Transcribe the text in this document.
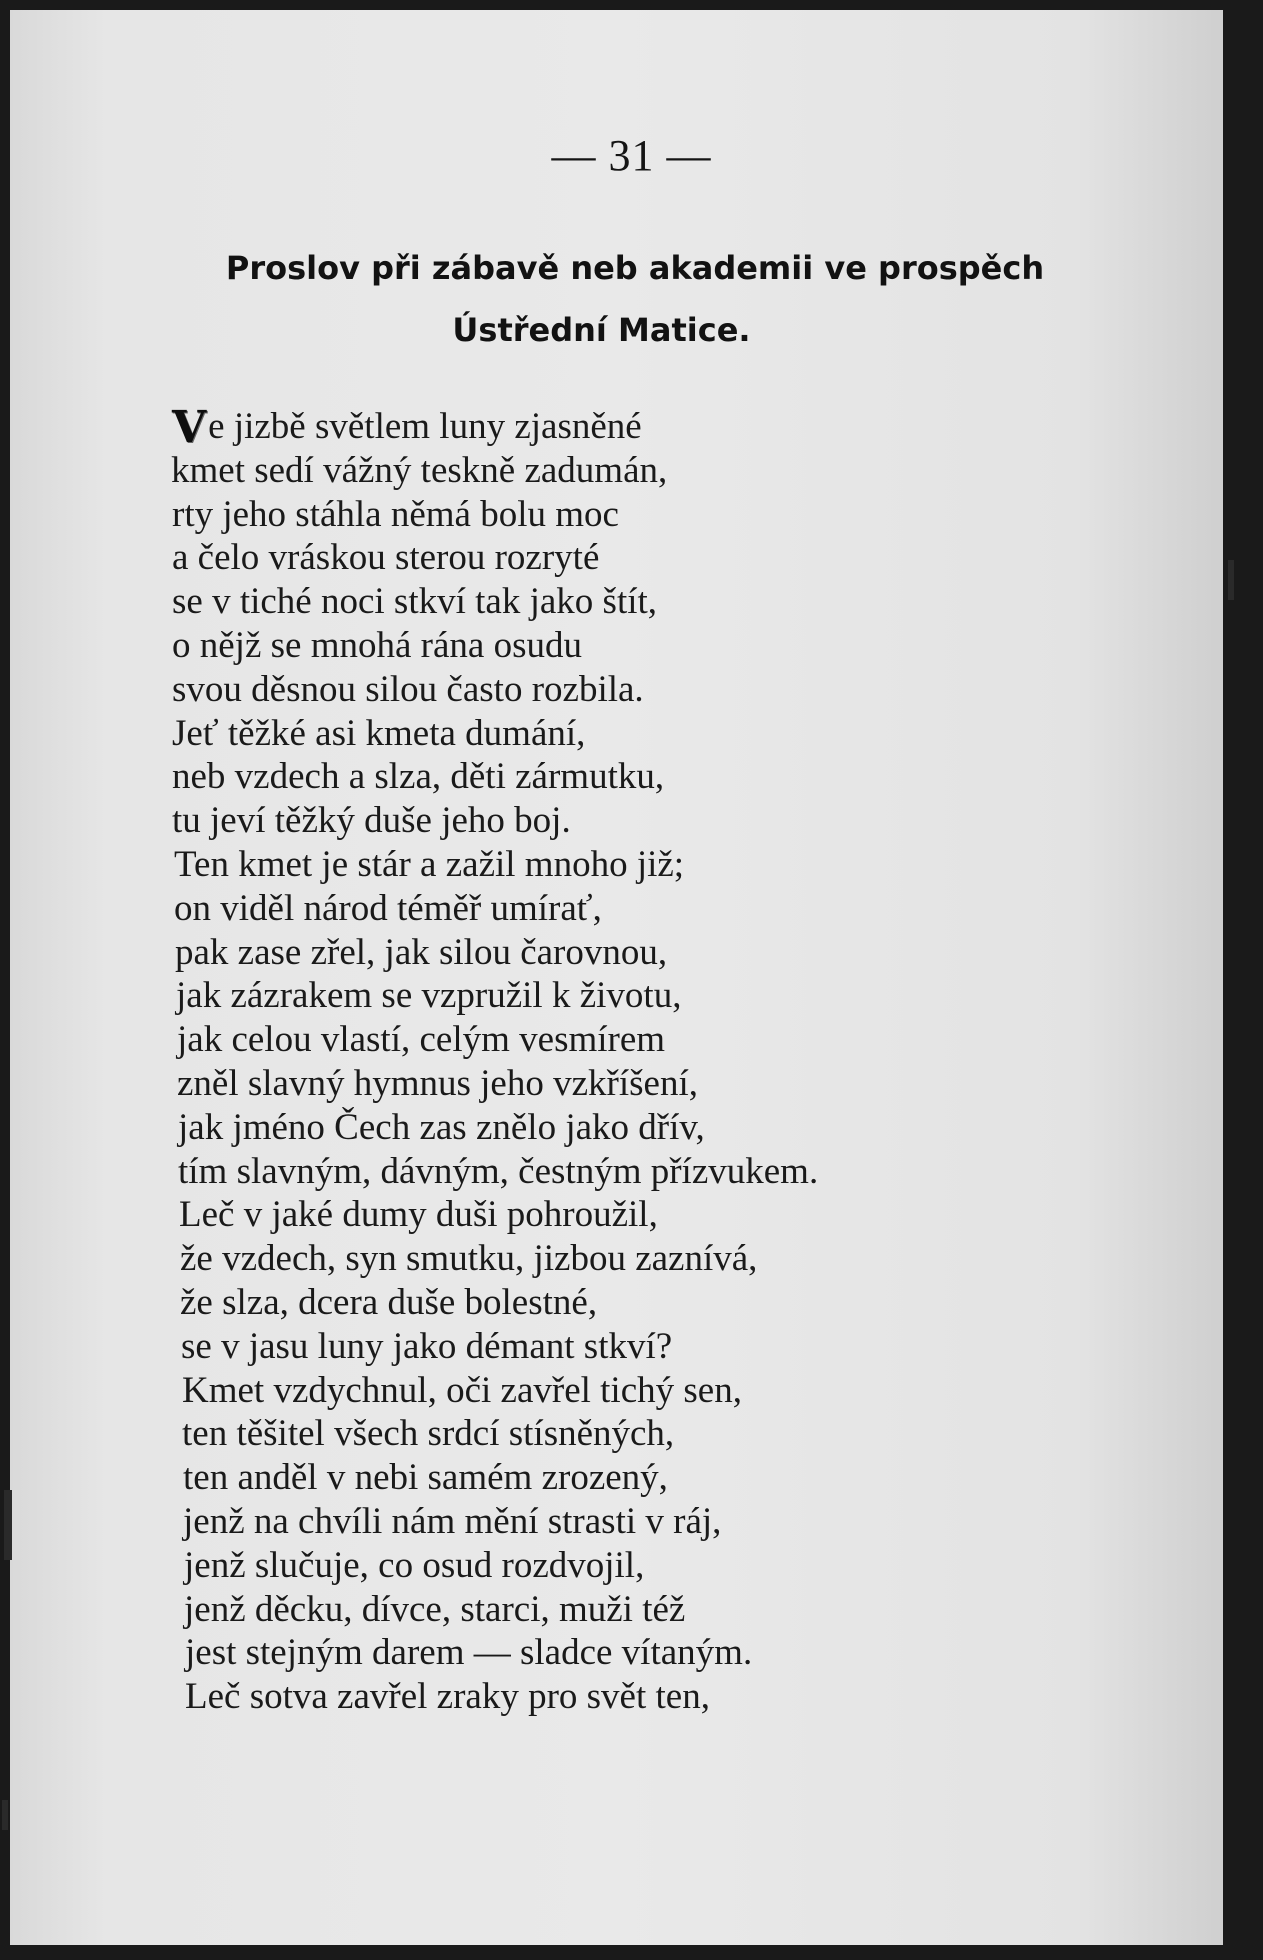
— 31 —
Proslov při zábavě neb akademii ve prospěch
Ústřední Matice.
Ve jizbě světlem luny zjasněné
kmet sedí vážný teskně zadumán,
rty jeho stáhla němá bolu moc
a čelo vráskou sterou rozryté
se v tiché noci stkví tak jako štít,
o nějž se mnohá rána osudu
svou děsnou silou často rozbila.
Jeť těžké asi kmeta dumání,
neb vzdech a slza, děti zármutku,
tu jeví těžký duše jeho boj.
Ten kmet je stár a zažil mnoho již;
on viděl národ téměř umírať,
pak zase zřel, jak silou čarovnou,
jak zázrakem se vzpružil k životu,
jak celou vlastí, celým vesmírem
zněl slavný hymnus jeho vzkříšení,
jak jméno Čech zas znělo jako dřív,
tím slavným, dávným, čestným přízvukem.
Leč v jaké dumy duši pohroužil,
že vzdech, syn smutku, jizbou zaznívá,
že slza, dcera duše bolestné,
se v jasu luny jako démant stkví?
Kmet vzdychnul, oči zavřel tichý sen,
ten těšitel všech srdcí stísněných,
ten anděl v nebi samém zrozený,
jenž na chvíli nám mění strasti v ráj,
jenž slučuje, co osud rozdvojil,
jenž děcku, dívce, starci, muži též
jest stejným darem — sladce vítaným.
Leč sotva zavřel zraky pro svět ten,
